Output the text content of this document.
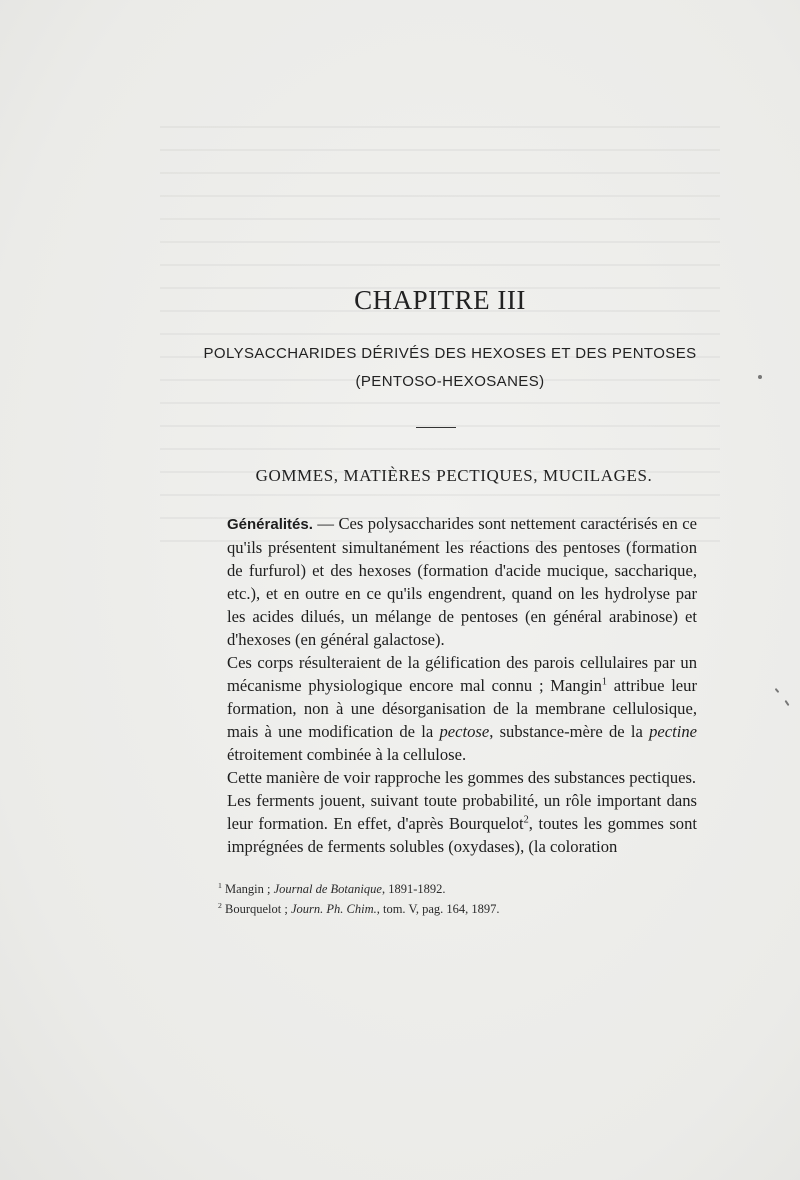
CHAPITRE III
POLYSACCHARIDES DÉRIVÉS DES HEXOSES ET DES PENTOSES
(PENTOSO-HEXOSANES)
GOMMES, MATIÈRES PECTIQUES, MUCILAGES.

Généralités. — Ces polysaccharides sont nettement caractérisés en ce qu'ils présentent simultanément les réactions des pentoses (formation de furfurol) et des hexoses (formation d'acide mucique, saccharique, etc.), et en outre en ce qu'ils engendrent, quand on les hydrolyse par les acides dilués, un mélange de pentoses (en général arabinose) et d'hexoses (en général galactose).

Ces corps résulteraient de la gélification des parois cellulaires par un mécanisme physiologique encore mal connu ; Mangin$^1$ attribue leur formation, non à une désorganisation de la membrane cellulosique, mais à une modification de la pectose, substance-mère de la pectine étroitement combinée à la cellulose.

Cette manière de voir rapproche les gommes des substances pectiques.

Les ferments jouent, suivant toute probabilité, un rôle important dans leur formation. En effet, d'après Bourquelot$^2$, toutes les gommes sont imprégnées de ferments solubles (oxydases), (la coloration

$^1$ Mangin ; Journal de Botanique, 1891-1892.
$^2$ Bourquelot ; Journ. Ph. Chim., tom. V, pag. 164, 1897.
